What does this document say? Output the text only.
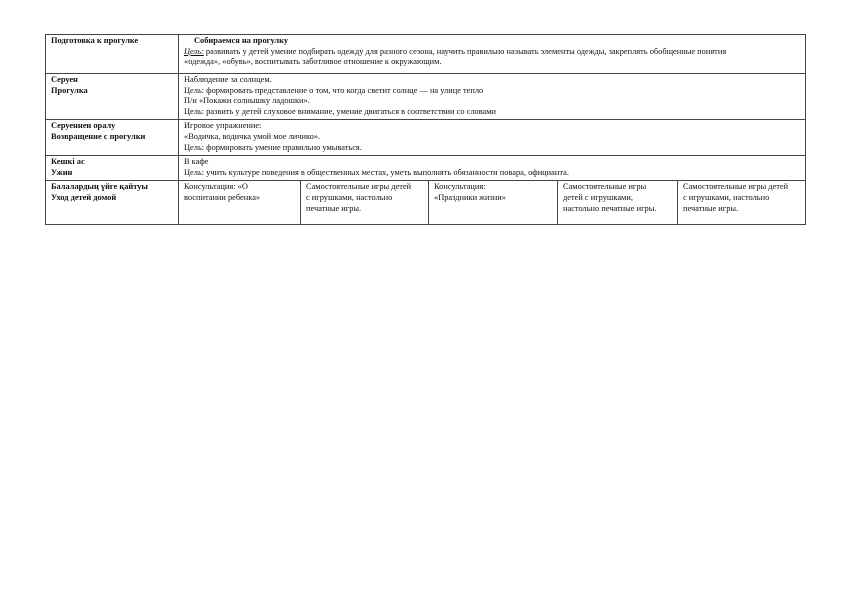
Подготовка к прогулке	Собираемся на прогулку
Цель: развивать у детей умение подбирать одежду для разного сезона, научить правильно называть элементы одежды, закреплять обобщенные понятия
«одежда», «обувь», воспитывать заботливое отношение к окружающим.				

Серуен
Прогулка	Наблюдение за солнцем.
Цель: формировать представление о том, что когда светит солнце — на улице тепло
П/и «Покажи солнышку ладошки».
Цель: развить у детей слуховое внимание, умение двигаться в соответствии со словами				

Серуеннен оралу
Возвращение с прогулки	Игровое упражнение:
«Водичка, водичка умой мое личико».
Цель: формировать умение правильно умываться.				

Кешкі ас
Ужин	В кафе
Цель: учить культуре поведения в общественных местах, уметь выполнять обязанности повара, официанта.				

Балалардың үйге қайтуы
Уход детей домой	Консультация: «О
воспитании ребенка»	Самостоятельные игры детей
с игрушками, настольно
печатные игры.	Консультация:
«Праздники жизни»	Самостоятельные игры
детей с игрушками,
настольно печатные игры.	Самостоятельные игры детей
с игрушками, настольно
печатные игры.
